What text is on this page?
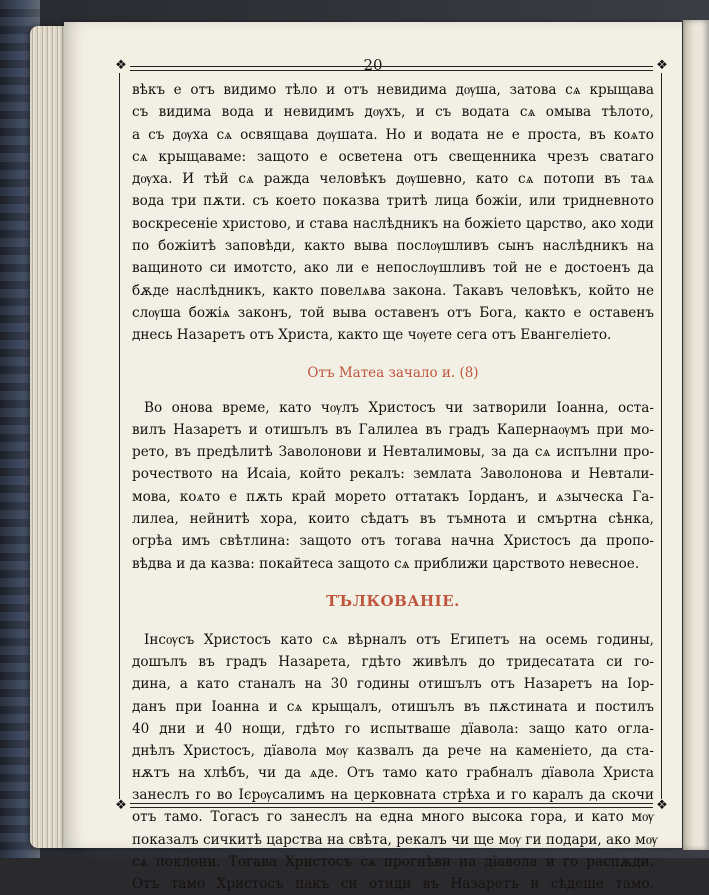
20
❖	❖
❖	❖
вѣкъ е отъ видимо тѣло и отъ невидима дѹша, затова сѧ крыщава
съ видима вода и невидимъ дѹхъ, и съ водата сѧ омыва тѣлото,
а съ дѹха сѧ освящава дѹшата. Но и водата не е проста, въ коѧто
сѧ крыщаваме: защото е осветена отъ свещенника чрезъ сватаго
дѹха. И тѣй сѧ ражда человѣкъ дѹшевно, като сѧ потопи въ таѧ
вода три пѫти. съ което показва тритѣ лица божіи, или тридневното
воскресеніе христово, и става наслѣдникъ на божіето царство, ако ходи
по божіитѣ заповѣди, както выва послѹшливъ сынъ наслѣдникъ на
ващиното си имотсто, ако ли е непослѹшливъ той не е достоенъ да
бѫде наслѣдникъ, както повелѧва закона. Такавъ человѣкъ, който не
слѹша божіѧ законъ, той выва оставенъ отъ Бога, както е оставенъ
днесь Назаретъ отъ Христа, както ще чѹете сега отъ Евангеліето.
Отъ Матеа зачало и. (8)
Во онова време, като чѹлъ Христосъ чи затворили Іоанна, оста-
вилъ Назаретъ и отишълъ въ Галилеа въ градъ Капернаѹмъ при мо-
рето, въ предѣлитѣ Заволонови и Невталимовы, за да сѧ испълни про-
рочеството на Исаіа, който рекалъ: землата Заволонова и Невтали-
мова, коѧто е пѫть край морето оттатакъ Іорданъ, и ѧзыческа Га-
лилеа, нейнитѣ хора, които сѣдатъ въ тъмнота и смъртна сѣнка,
огрѣа имъ свѣтлина: защото отъ тогава начна Христосъ да пропо-
вѣдва и да казва: покайтеса защото сѧ приближи царството невесное.
ТЪЛКОВАНІЕ.
Інсѹсъ Христосъ като сѧ вѣрналъ отъ Египетъ на осемь годины,
дошълъ въ градъ Назарета, гдѣто живѣлъ до тридесатата си го-
дина, а като станалъ на 30 годины отишълъ отъ Назаретъ на Іор-
данъ при Іоанна и сѧ крыщалъ, отишълъ въ пѫстината и постилъ
40 дни и 40 нощи, гдѣто го испытваше дїавола: защо като огла-
днѣлъ Христосъ, дїавола мѹ казвалъ да рече на каменіето, да ста-
нѫтъ на хлѣбъ, чи да ѧде. Отъ тамо като грабналъ дїавола Христа
занеслъ го во Ієрѹсалимъ на церковната стрѣха и го каралъ да скочи
отъ тамо. Тогасъ го занеслъ на една много высока гора, и като мѹ
показалъ сичкитѣ царства на свѣта, рекалъ чи ще мѹ ги подари, ако мѹ
сѧ поклони. Тогава Христосъ сѧ прогнѣви на дїавола и го распѫди.
Отъ тамо Христосъ пакъ си отиди въ Назаретъ и сѣдеше тамо.
